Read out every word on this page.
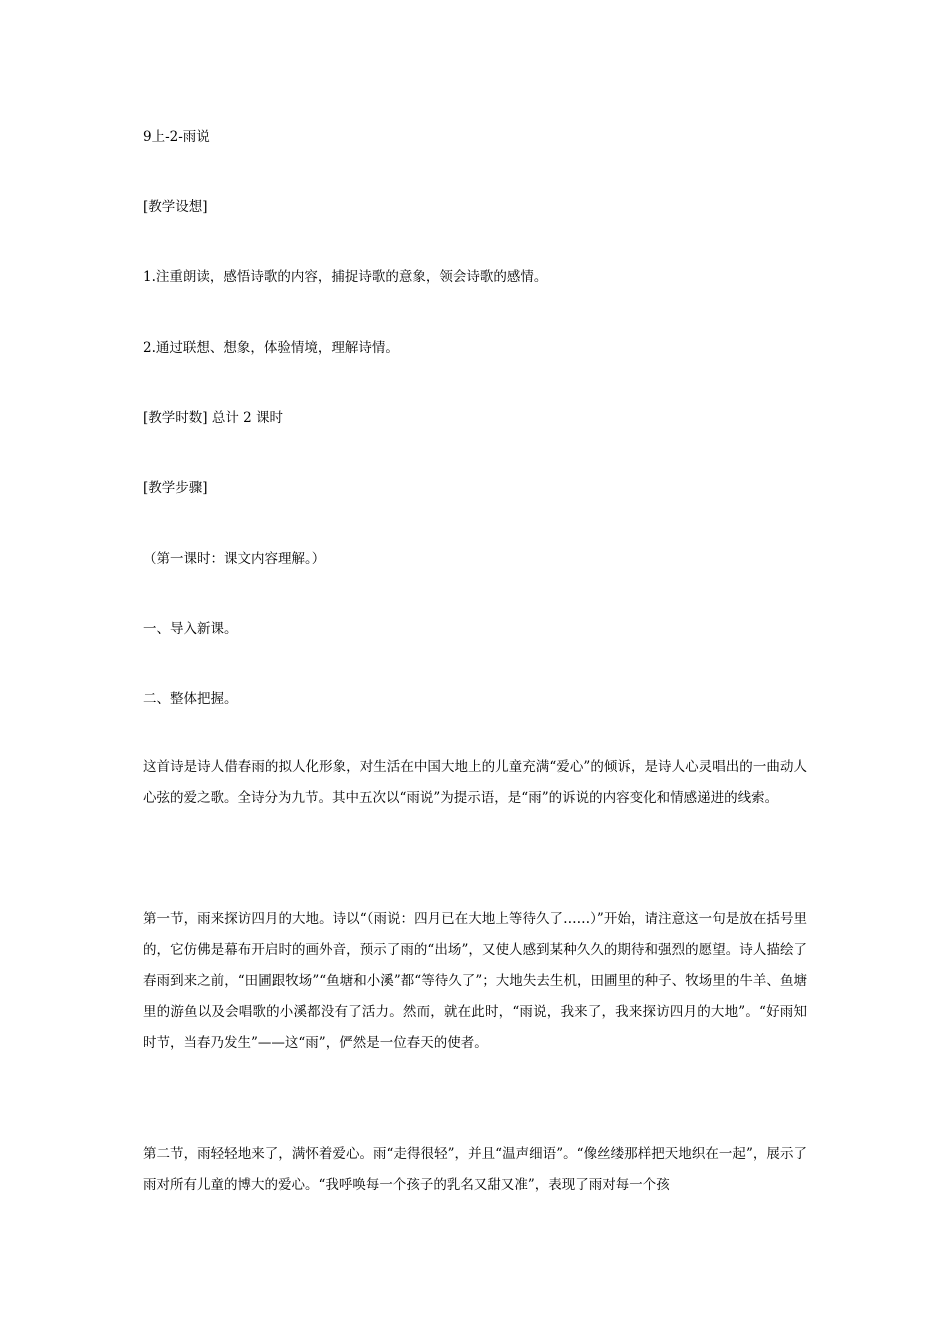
9上-2-雨说
[教学设想]
1.注重朗读，感悟诗歌的内容，捕捉诗歌的意象，领会诗歌的感情。
2.通过联想、想象，体验情境，理解诗情。
[教学时数] 总计 2 课时
[教学步骤]
（第一课时：课文内容理解。）
一、导入新课。
二、整体把握。

这首诗是诗人借春雨的拟人化形象，对生活在中国大地上的儿童充满“爱心”的倾诉，是诗人心灵唱出的一曲动人心弦的爱之歌。全诗分为九节。其中五次以“雨说”为提示语，是“雨”的诉说的内容变化和情感递进的线索。

第一节，雨来探访四月的大地。诗以“（雨说：四月已在大地上等待久了……）”开始，请注意这一句是放在括号里的，它仿佛是幕布开启时的画外音，预示了雨的“出场”，又使人感到某种久久的期待和强烈的愿望。诗人描绘了春雨到来之前，“田圃跟牧场”“鱼塘和小溪”都“等待久了”；大地失去生机，田圃里的种子、牧场里的牛羊、鱼塘里的游鱼以及会唱歌的小溪都没有了活力。然而，就在此时，“雨说，我来了，我来探访四月的大地”。“好雨知时节，当春乃发生”——这“雨”，俨然是一位春天的使者。

第二节，雨轻轻地来了，满怀着爱心。雨“走得很轻”，并且“温声细语”。“像丝缕那样把天地织在一起”，展示了雨对所有儿童的博大的爱心。“我呼唤每一个孩子的乳名又甜又准”，表现了雨对每一个孩
